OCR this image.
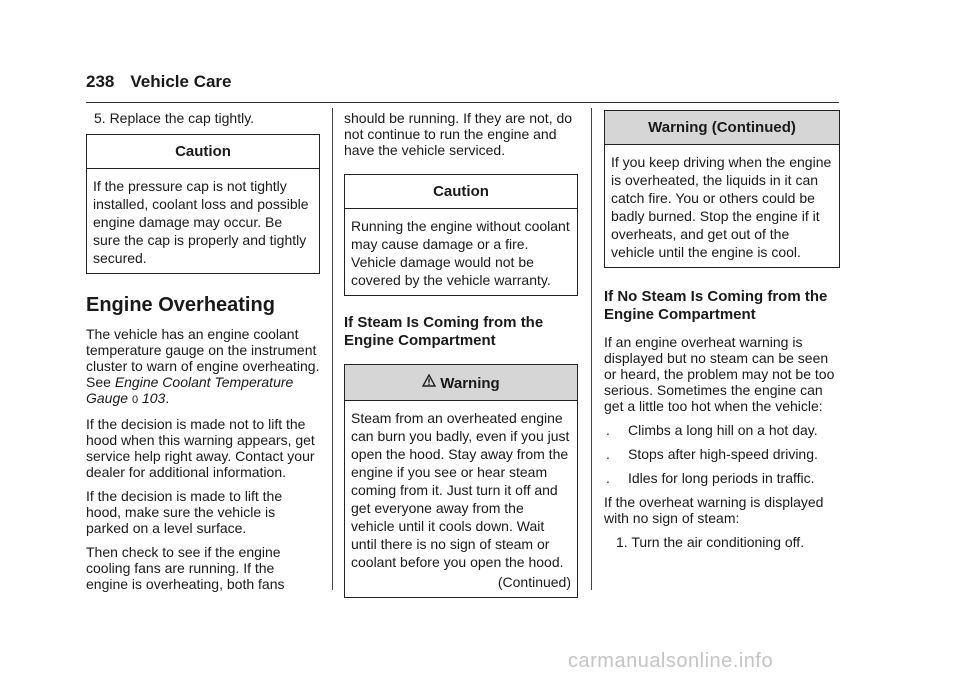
238 Vehicle Care

5. Replace the cap tightly.

Caution

If the pressure cap is not tightly installed, coolant loss and possible engine damage may occur. Be sure the cap is properly and tightly secured.

Engine Overheating

The vehicle has an engine coolant temperature gauge on the instrument cluster to warn of engine overheating. See Engine Coolant Temperature Gauge 0 103.

If the decision is made not to lift the hood when this warning appears, get service help right away. Contact your dealer for additional information.

If the decision is made to lift the hood, make sure the vehicle is parked on a level surface.

Then check to see if the engine cooling fans are running. If the engine is overheating, both fans

should be running. If they are not, do not continue to run the engine and have the vehicle serviced.

Caution

Running the engine without coolant may cause damage or a fire. Vehicle damage would not be covered by the vehicle warranty.

If Steam Is Coming from the Engine Compartment
Warning

Steam from an overheated engine can burn you badly, even if you just open the hood. Stay away from the engine if you see or hear steam coming from it. Just turn it off and get everyone away from the vehicle until it cools down. Wait until there is no sign of steam or coolant before you open the hood.

(Continued)
Warning (Continued)

If you keep driving when the engine is overheated, the liquids in it can catch fire. You or others could be badly burned. Stop the engine if it overheats, and get out of the vehicle until the engine is cool.

If No Steam Is Coming from the Engine Compartment

If an engine overheat warning is displayed but no steam can be seen or heard, the problem may not be too serious. Sometimes the engine can get a little too hot when the vehicle:

.	Climbs a long hill on a hot day.
.	Stops after high-speed driving.
.	Idles for long periods in traffic.

If the overheat warning is displayed with no sign of steam:

1. Turn the air conditioning off.

carmanualsonline.info
